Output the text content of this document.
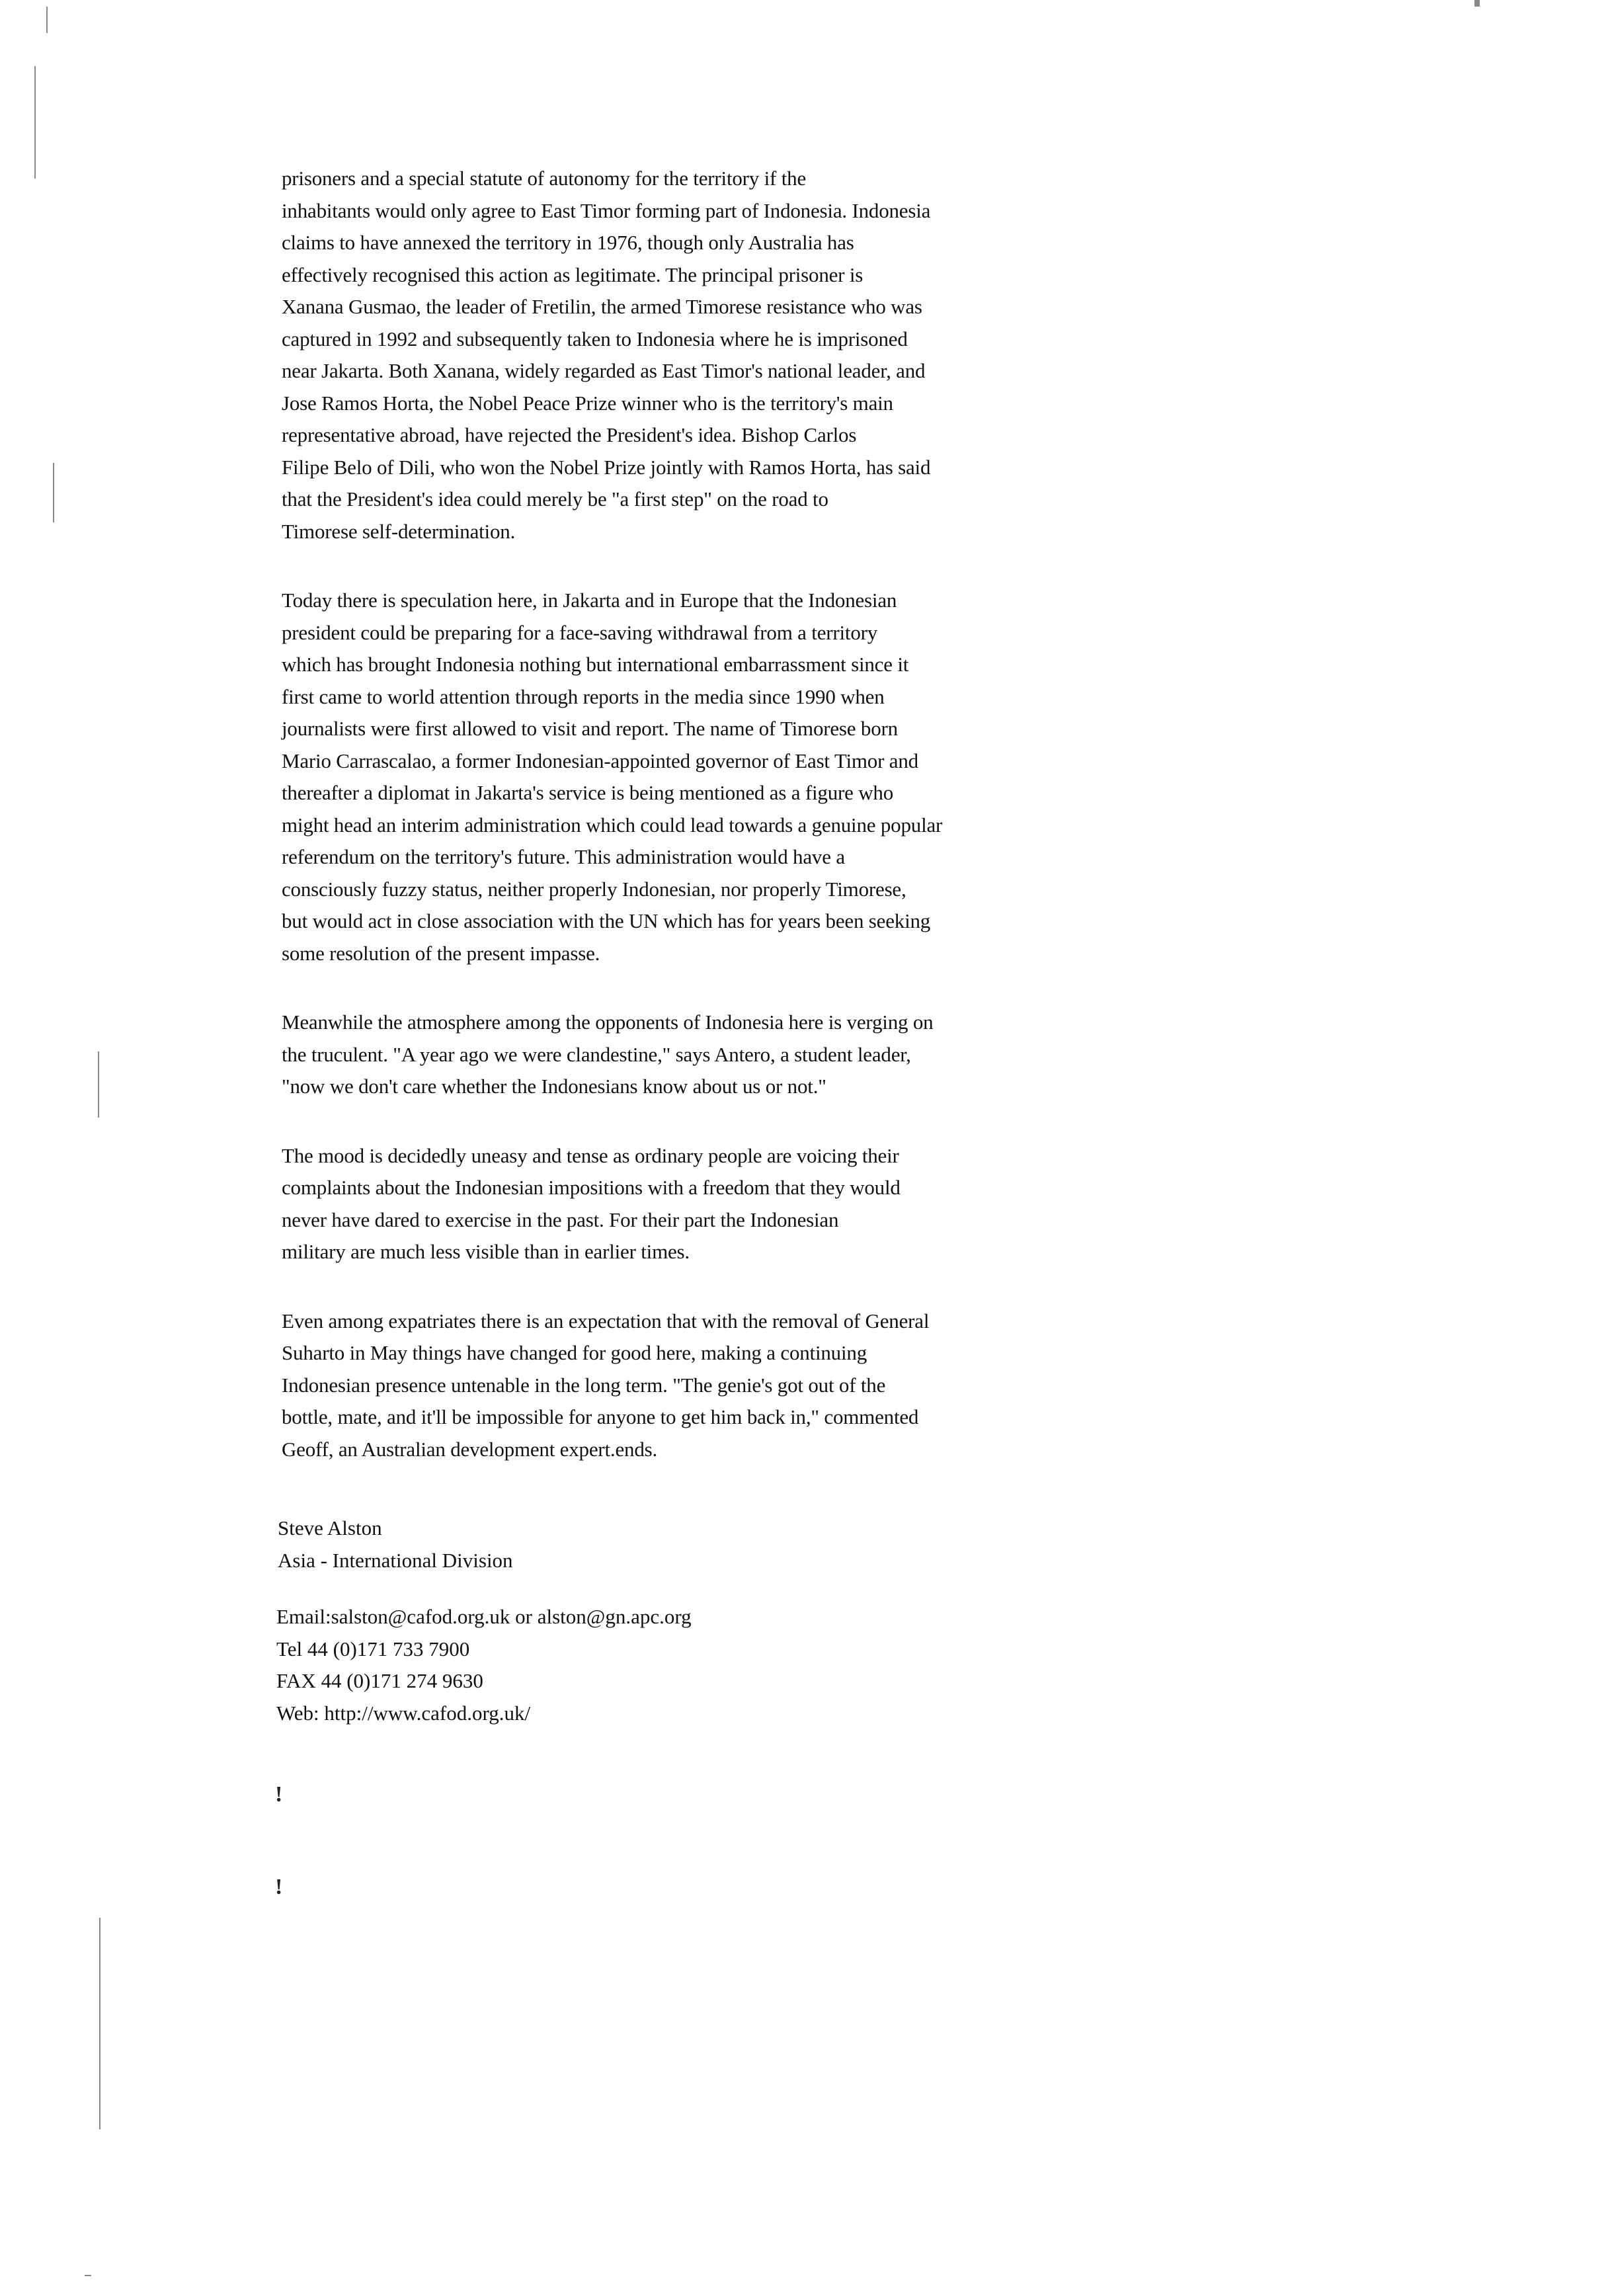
prisoners and a special statute of autonomy for the territory if the
inhabitants would only agree to East Timor forming part of Indonesia. Indonesia
claims to have annexed the territory in 1976, though only Australia has
effectively recognised this action as legitimate. The principal prisoner is
Xanana Gusmao, the leader of Fretilin, the armed Timorese resistance who was
captured in 1992 and subsequently taken to Indonesia where he is imprisoned
near Jakarta. Both Xanana, widely regarded as East Timor's national leader, and
Jose Ramos Horta, the Nobel Peace Prize winner who is the territory's main
representative abroad, have rejected the President's idea. Bishop Carlos
Filipe Belo of Dili, who won the Nobel Prize jointly with Ramos Horta, has said
that the President's idea could merely be "a first step" on the road to
Timorese self-determination.

Today there is speculation here, in Jakarta and in Europe that the Indonesian
president could be preparing for a face-saving withdrawal from a territory
which has brought Indonesia nothing but international embarrassment since it
first came to world attention through reports in the media since 1990 when
journalists were first allowed to visit and report. The name of Timorese born
Mario Carrascalao, a former Indonesian-appointed governor of East Timor and
thereafter a diplomat in Jakarta's service is being mentioned as a figure who
might head an interim administration which could lead towards a genuine popular
referendum on the territory's future. This administration would have a
consciously fuzzy status, neither properly Indonesian, nor properly Timorese,
but would act in close association with the UN which has for years been seeking
some resolution of the present impasse.

Meanwhile the atmosphere among the opponents of Indonesia here is verging on
the truculent. "A year ago we were clandestine," says Antero, a student leader,
"now we don't care whether the Indonesians know about us or not."

The mood is decidedly uneasy and tense as ordinary people are voicing their
complaints about the Indonesian impositions with a freedom that they would
never have dared to exercise in the past. For their part the Indonesian
military are much less visible than in earlier times.

Even among expatriates there is an expectation that with the removal of General
Suharto in May things have changed for good here, making a continuing
Indonesian presence untenable in the long term. "The genie's got out of the
bottle, mate, and it'll be impossible for anyone to get him back in," commented
Geoff, an Australian development expert.ends.

Steve Alston
Asia - International Division
Email:salston@cafod.org.uk or alston@gn.apc.org
Tel 44 (0)171 733 7900
FAX 44 (0)171 274 9630
Web: http://www.cafod.org.uk/
!
!
